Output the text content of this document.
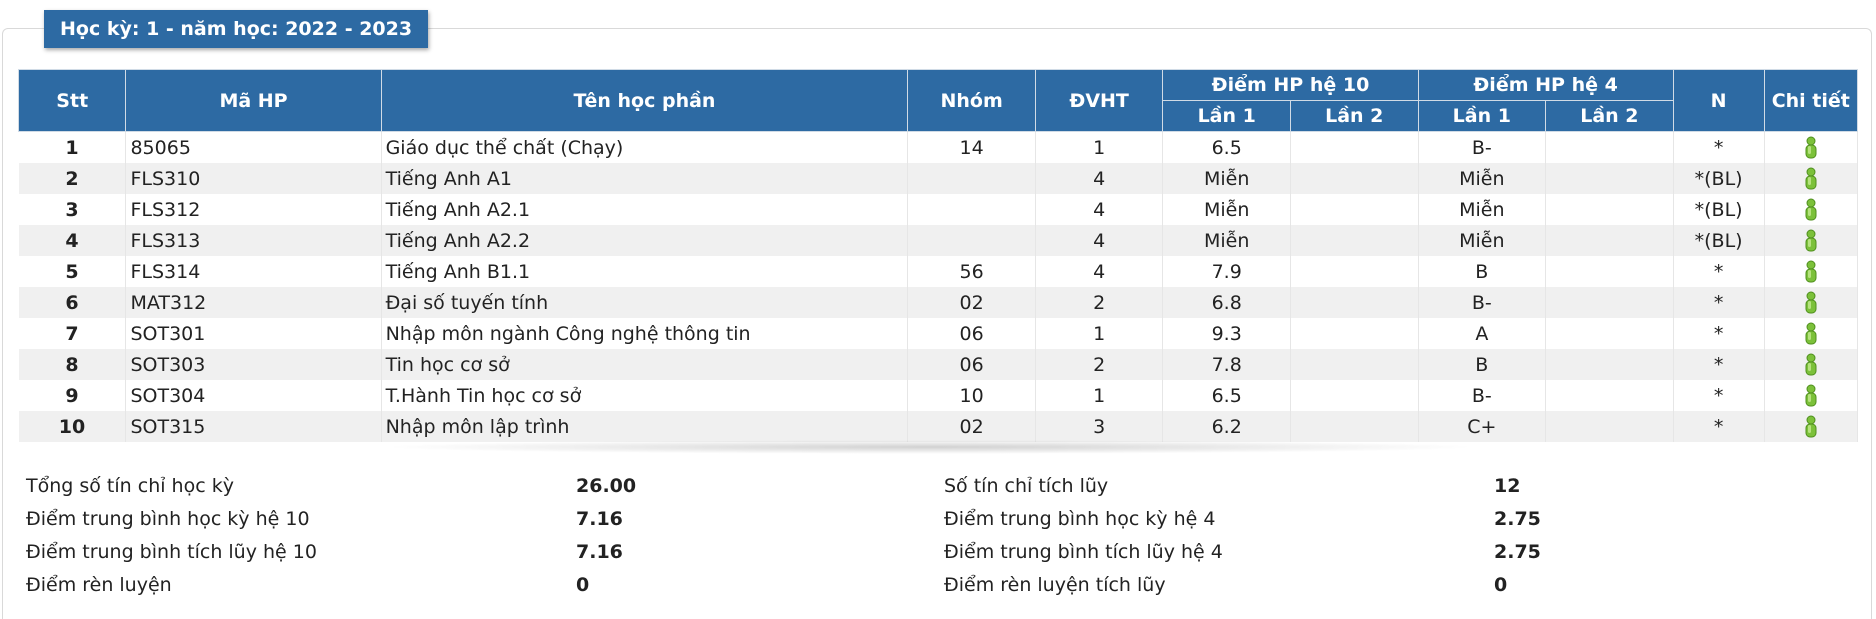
Học kỳ: 1 - năm học: 2022 - 2023
Stt	Mã HP	Tên học phần	Nhóm	ĐVHT	Điểm HP hệ 10		Điểm HP hệ 4		N	Chi tiết
					Lần 1	Lần 2	Lần 1	Lần 2		
1	85065	Giáo dục thể chất (Chạy)	14	1	6.5		B-		*	
2	FLS310	Tiếng Anh A1		4	Miễn		Miễn		*(BL)	
3	FLS312	Tiếng Anh A2.1		4	Miễn		Miễn		*(BL)	
4	FLS313	Tiếng Anh A2.2		4	Miễn		Miễn		*(BL)	
5	FLS314	Tiếng Anh B1.1	56	4	7.9		B		*	
6	MAT312	Đại số tuyến tính	02	2	6.8		B-		*	
7	SOT301	Nhập môn ngành Công nghệ thông tin	06	1	9.3		A		*	
8	SOT303	Tin học cơ sở	06	2	7.8		B		*	
9	SOT304	T.Hành Tin học cơ sở	10	1	6.5		B-		*	
10	SOT315	Nhập môn lập trình	02	3	6.2		C+		*	
Tổng số tín chỉ học kỳ	26.00
Điểm trung bình học kỳ hệ 10	7.16
Điểm trung bình tích lũy hệ 10	7.16
Điểm rèn luyện	0
Số tín chỉ tích lũy	12
Điểm trung bình học kỳ hệ 4	2.75
Điểm trung bình tích lũy hệ 4	2.75
Điểm rèn luyện tích lũy	0
